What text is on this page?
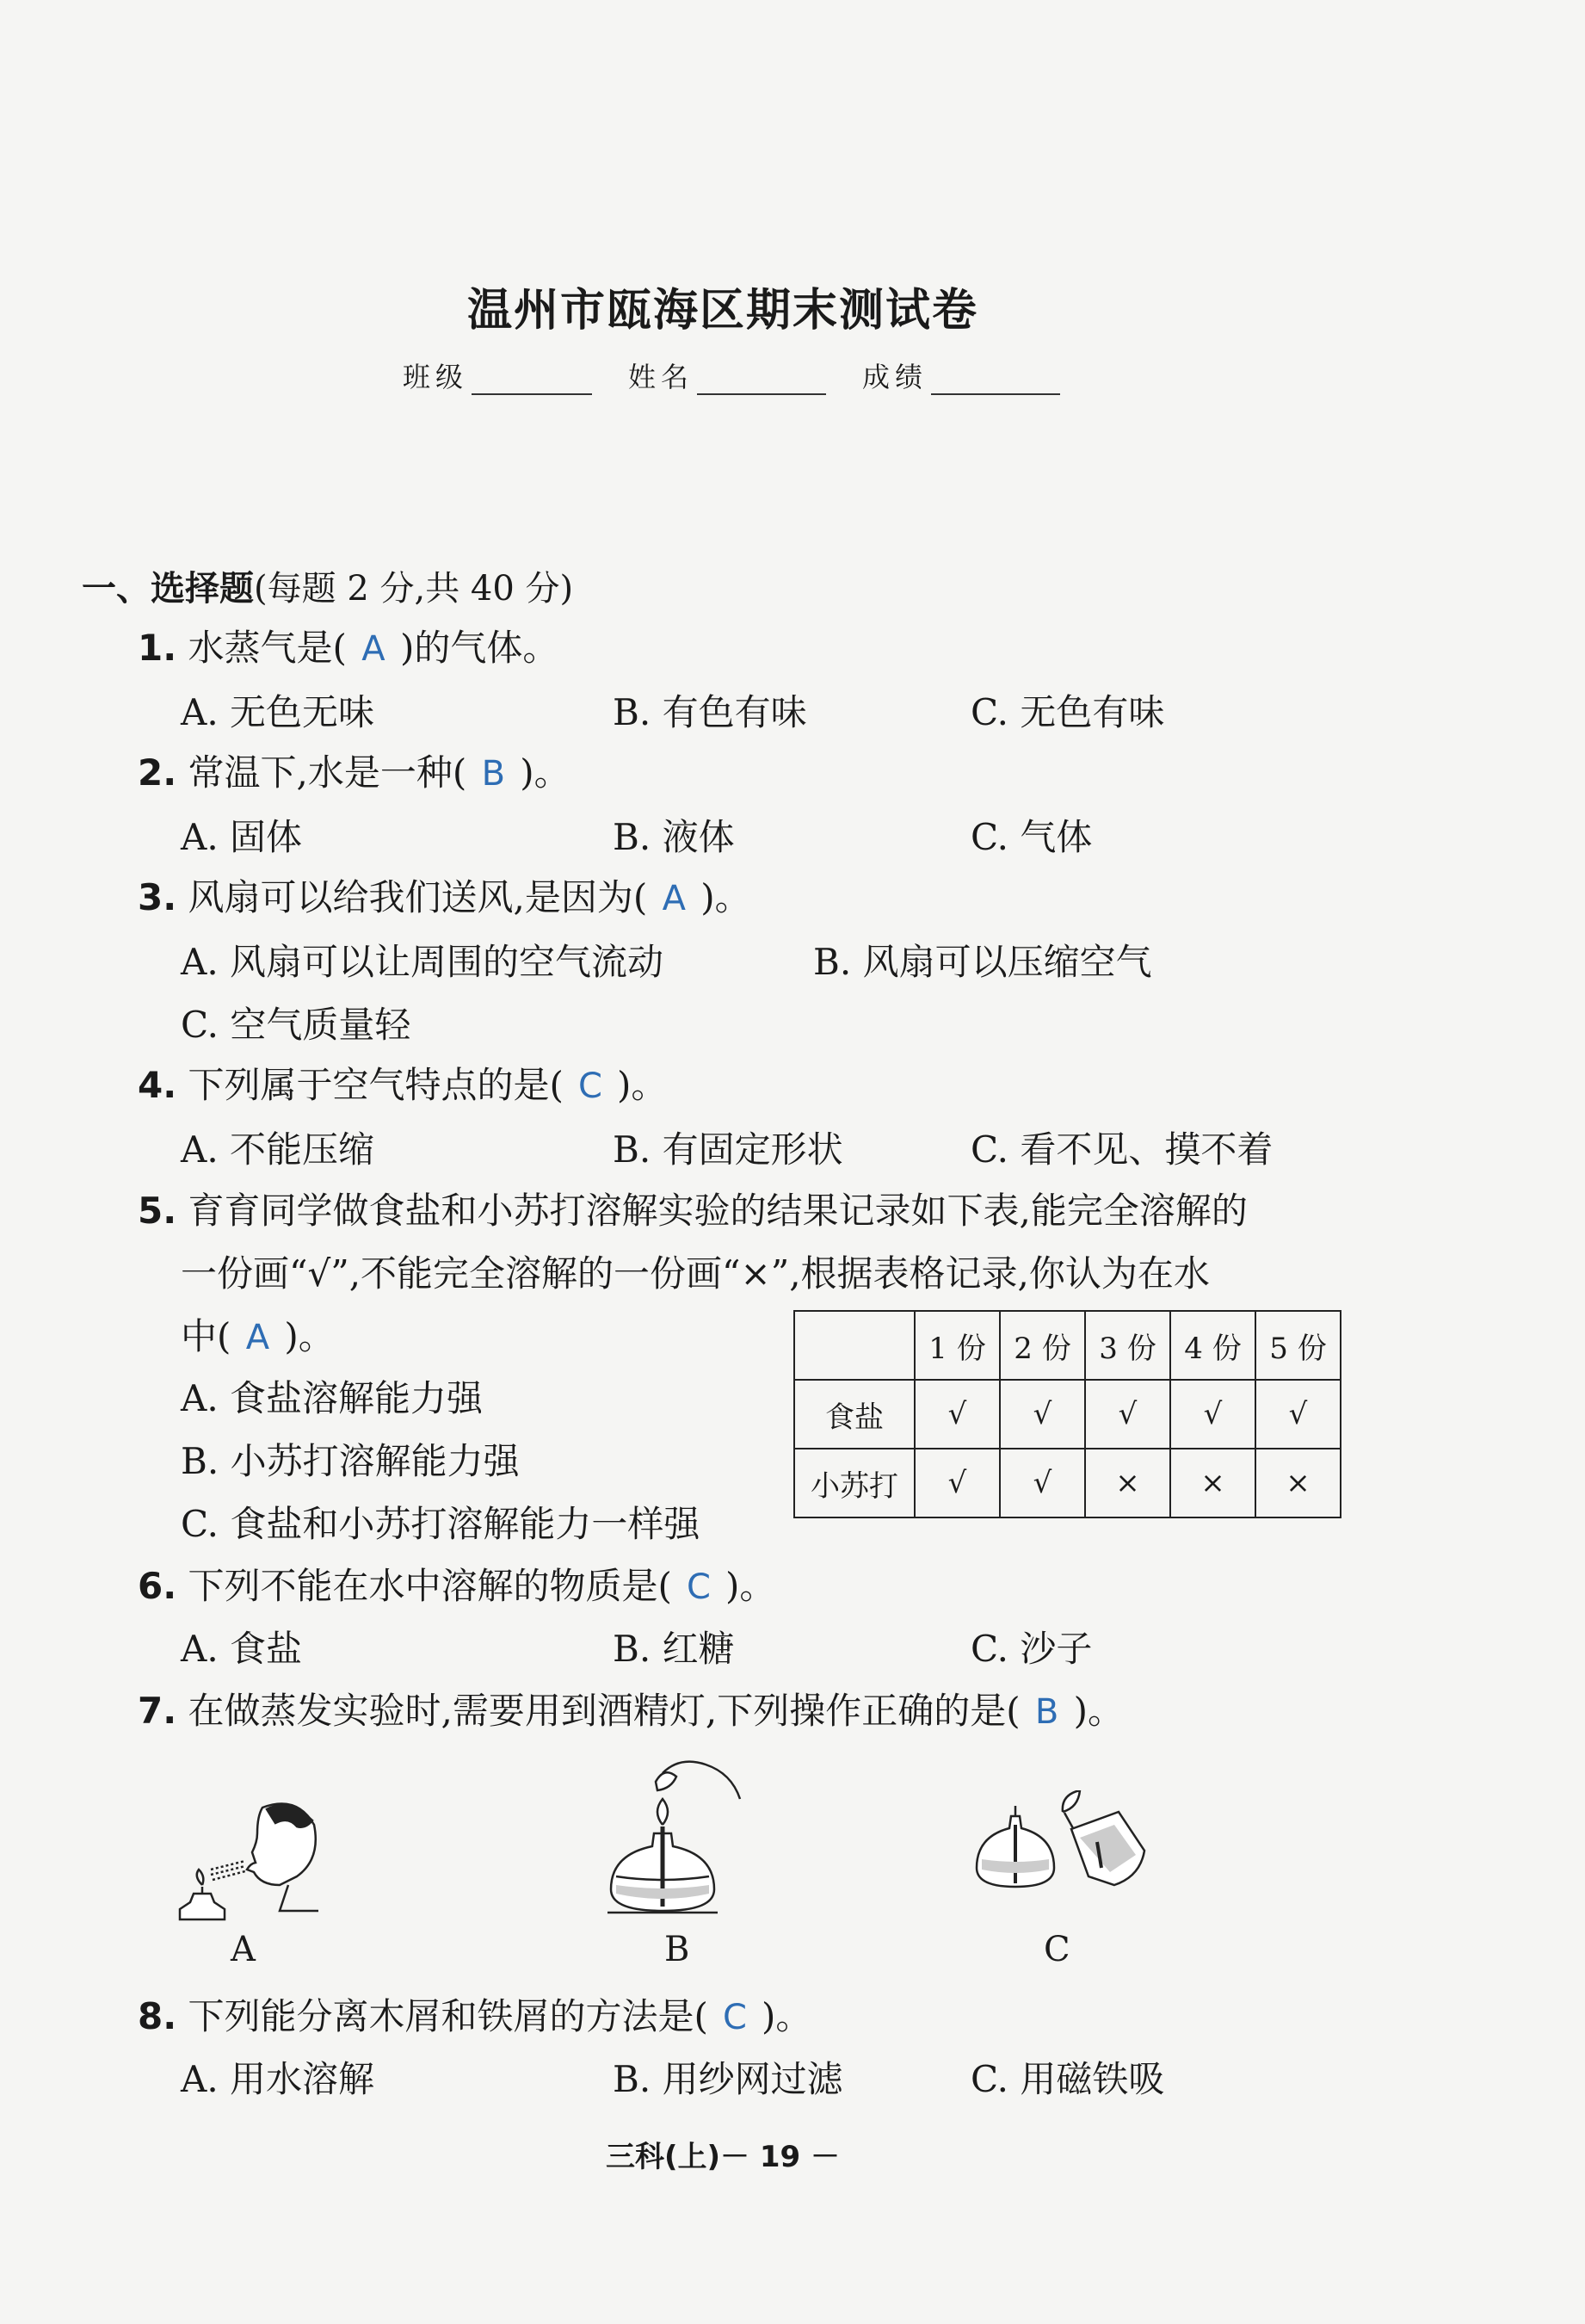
温州市瓯海区期末测试卷
班级	姓名	成绩
一、选择题(每题 2 分,共 40 分)
1. 水蒸气是( A )的气体。
A. 无色无味	B. 有色有味	C. 无色有味
2. 常温下,水是一种( B )。
A. 固体	B. 液体	C. 气体
3. 风扇可以给我们送风,是因为( A )。
A. 风扇可以让周围的空气流动	B. 风扇可以压缩空气
C. 空气质量轻
4. 下列属于空气特点的是( C )。
A. 不能压缩	B. 有固定形状	C. 看不见、摸不着
5. 育育同学做食盐和小苏打溶解实验的结果记录如下表,能完全溶解的
一份画“√”,不能完全溶解的一份画“×”,根据表格记录,你认为在水
中( A )。
A. 食盐溶解能力强
B. 小苏打溶解能力强
C. 食盐和小苏打溶解能力一样强
	1 份	2 份	3 份	4 份	5 份
食盐	√	√	√	√	√
小苏打	√	√	×	×	×
6. 下列不能在水中溶解的物质是( C )。
A. 食盐	B. 红糖	C. 沙子
7. 在做蒸发实验时,需要用到酒精灯,下列操作正确的是( B )。
A	B	C
8. 下列能分离木屑和铁屑的方法是( C )。
A. 用水溶解	B. 用纱网过滤	C. 用磁铁吸
三科(上)－ 19 －
